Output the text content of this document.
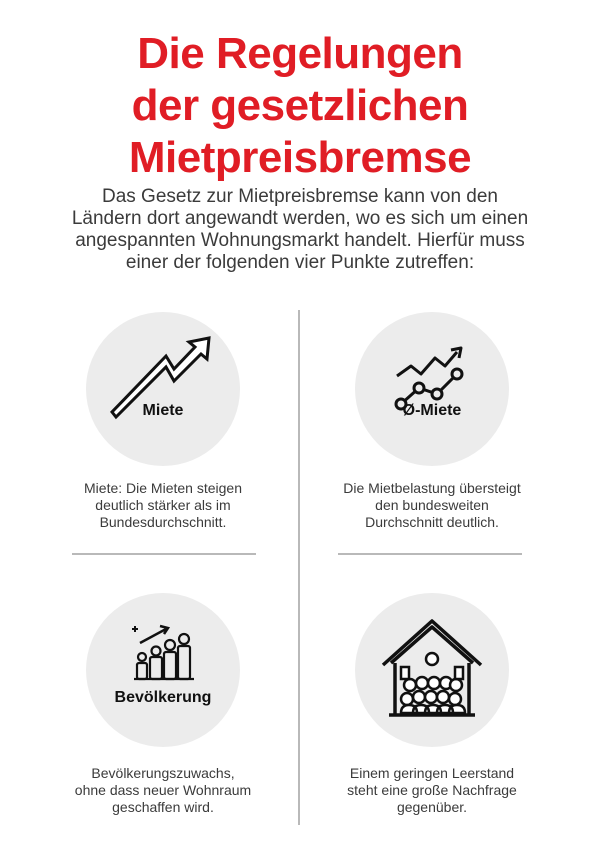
Die Regelungen
der gesetzlichen
Mietpreisbremse
Das Gesetz zur Mietpreisbremse kann von den
Ländern dort angewandt werden, wo es sich um einen
angespannten Wohnungsmarkt handelt. Hierfür muss
einer der folgenden vier Punkte zutreffen:
Miete
Miete: Die Mieten steigen
deutlich stärker als im
Bundesdurchschnitt.
Ø-Miete
Die Mietbelastung übersteigt
den bundesweiten
Durchschnitt deutlich.
Bevölkerung
Bevölkerungszuwachs,
ohne dass neuer Wohnraum
geschaffen wird.
Einem geringen Leerstand
steht eine große Nachfrage
gegenüber.
